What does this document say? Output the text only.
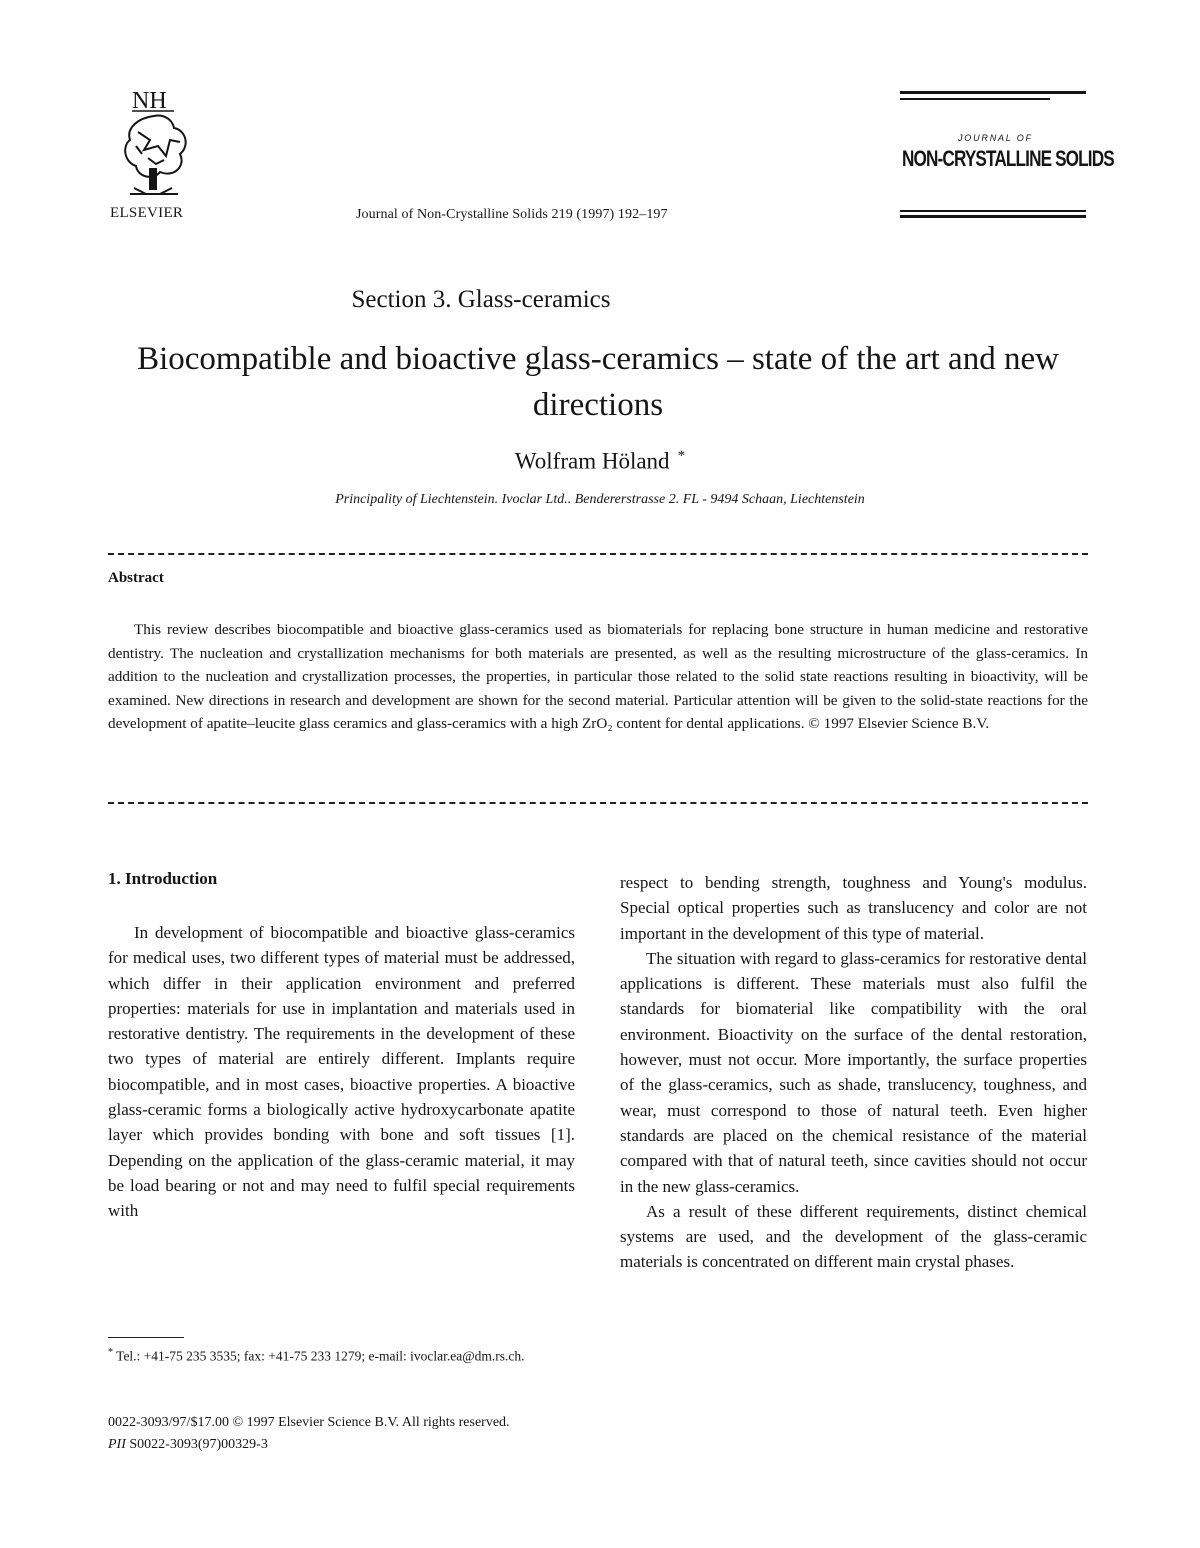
NH
ELSEVIER	Journal of Non-Crystalline Solids 219 (1997) 192–197
JOURNAL OF
NON-CRYSTALLINE SOLIDS
Section 3. Glass-ceramics
Biocompatible and bioactive glass-ceramics – state of the art and new directions
Wolfram Höland *
Principality of Liechtenstein. Ivoclar Ltd.. Bendererstrasse 2. FL - 9494 Schaan, Liechtenstein
Abstract

This review describes biocompatible and bioactive glass-ceramics used as biomaterials for replacing bone structure in human medicine and restorative dentistry. The nucleation and crystallization mechanisms for both materials are presented, as well as the resulting microstructure of the glass-ceramics. In addition to the nucleation and crystallization processes, the properties, in particular those related to the solid state reactions resulting in bioactivity, will be examined. New directions in research and development are shown for the second material. Particular attention will be given to the solid-state reactions for the development of apatite–leucite glass ceramics and glass-ceramics with a high ZrO₂ content for dental applications. © 1997 Elsevier Science B.V.

1. Introduction

In development of biocompatible and bioactive glass-ceramics for medical uses, two different types of material must be addressed, which differ in their application environment and preferred properties: materials for use in implantation and materials used in restorative dentistry. The requirements in the development of these two types of material are entirely different. Implants require biocompatible, and in most cases, bioactive properties. A bioactive glass-ceramic forms a biologically active hydroxycarbonate apatite layer which provides bonding with bone and soft tissues [1]. Depending on the application of the glass-ceramic material, it may be load bearing or not and may need to fulfil special requirements with

respect to bending strength, toughness and Young's modulus. Special optical properties such as translucency and color are not important in the development of this type of material.

The situation with regard to glass-ceramics for restorative dental applications is different. These materials must also fulfil the standards for biomaterial like compatibility with the oral environment. Bioactivity on the surface of the dental restoration, however, must not occur. More importantly, the surface properties of the glass-ceramics, such as shade, translucency, toughness, and wear, must correspond to those of natural teeth. Even higher standards are placed on the chemical resistance of the material compared with that of natural teeth, since cavities should not occur in the new glass-ceramics.

As a result of these different requirements, distinct chemical systems are used, and the development of the glass-ceramic materials is concentrated on different main crystal phases.

* Tel.: +41-75 235 3535; fax: +41-75 233 1279; e-mail: ivoclar.ea@dm.rs.ch.
0022-3093/97/$17.00 © 1997 Elsevier Science B.V. All rights reserved.
PII S0022-3093(97)00329-3
